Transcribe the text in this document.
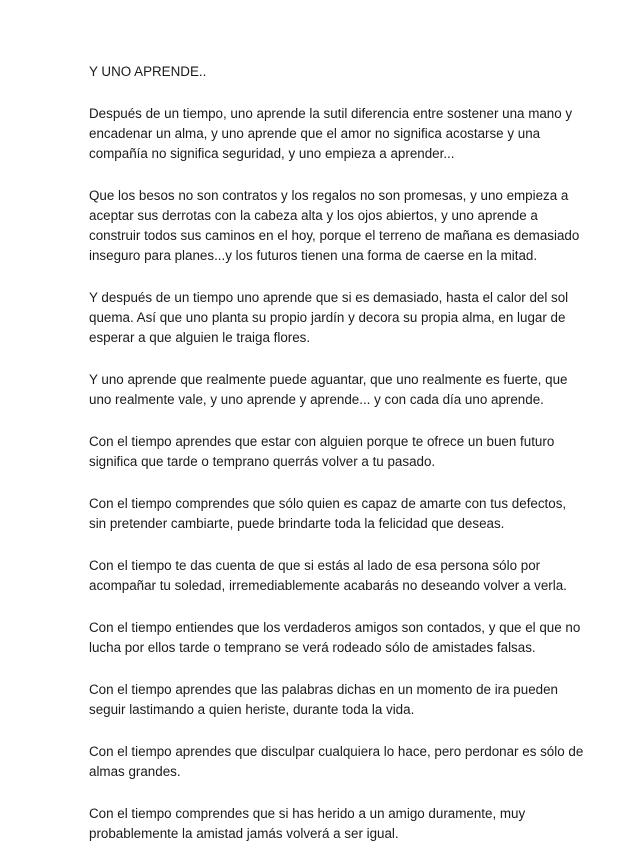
Y UNO APRENDE..
Después de un tiempo, uno aprende la sutil diferencia entre sostener una mano y
encadenar un alma, y uno aprende que el amor no significa acostarse y una
compañía no significa seguridad, y uno empieza a aprender...
Que los besos no son contratos y los regalos no son promesas, y uno empieza a
aceptar sus derrotas con la cabeza alta y los ojos abiertos, y uno aprende a
construir todos sus caminos en el hoy, porque el terreno de mañana es demasiado
inseguro para planes...y los futuros tienen una forma de caerse en la mitad.
Y después de un tiempo uno aprende que si es demasiado, hasta el calor del sol
quema. Así que uno planta su propio jardín y decora su propia alma, en lugar de
esperar a que alguien le traiga flores.
Y uno aprende que realmente puede aguantar, que uno realmente es fuerte, que
uno realmente vale, y uno aprende y aprende... y con cada día uno aprende.
Con el tiempo aprendes que estar con alguien porque te ofrece un buen futuro
significa que tarde o temprano querrás volver a tu pasado.
Con el tiempo comprendes que sólo quien es capaz de amarte con tus defectos,
sin pretender cambiarte, puede brindarte toda la felicidad que deseas.
Con el tiempo te das cuenta de que si estás al lado de esa persona sólo por
acompañar tu soledad, irremediablemente acabarás no deseando volver a verla.
Con el tiempo entiendes que los verdaderos amigos son contados, y que el que no
lucha por ellos tarde o temprano se verá rodeado sólo de amistades falsas.
Con el tiempo aprendes que las palabras dichas en un momento de ira pueden
seguir lastimando a quien heriste, durante toda la vida.
Con el tiempo aprendes que disculpar cualquiera lo hace, pero perdonar es sólo de
almas grandes.
Con el tiempo comprendes que si has herido a un amigo duramente, muy
probablemente la amistad jamás volverá a ser igual.
